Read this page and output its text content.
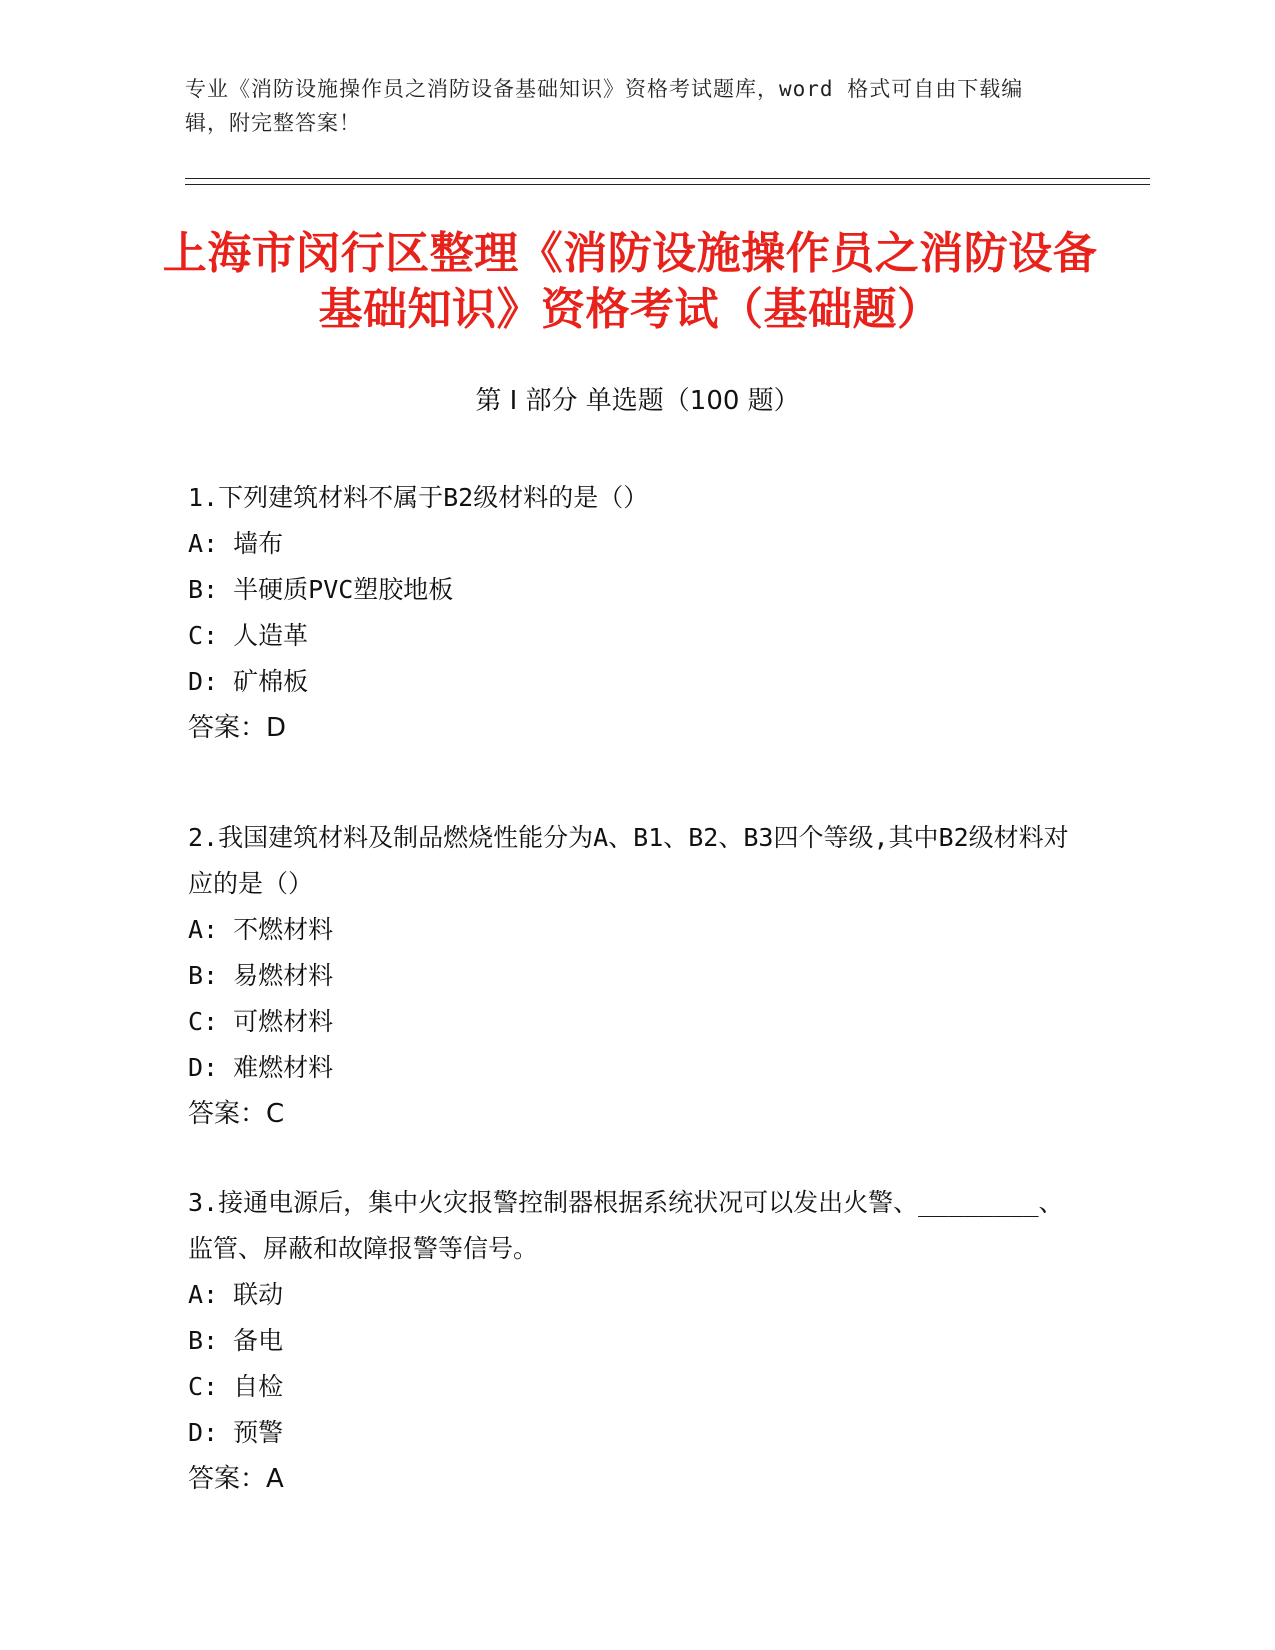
专业《消防设施操作员之消防设备基础知识》资格考试题库，word 格式可自由下载编辑，附完整答案！
上海市闵行区整理《消防设施操作员之消防设备基础知识》资格考试（基础题）
第 I 部分 单选题（100 题）
1.下列建筑材料不属于B2级材料的是（）
A: 墙布
B: 半硬质PVC塑胶地板
C: 人造革
D: 矿棉板
答案：D
2.我国建筑材料及制品燃烧性能分为A、B1、B2、B3四个等级,其中B2级材料对应的是（）
A: 不燃材料
B: 易燃材料
C: 可燃材料
D: 难燃材料
答案：C
3.接通电源后，集中火灾报警控制器根据系统状况可以发出火警、________、监管、屏蔽和故障报警等信号。
A: 联动
B: 备电
C: 自检
D: 预警
答案：A
